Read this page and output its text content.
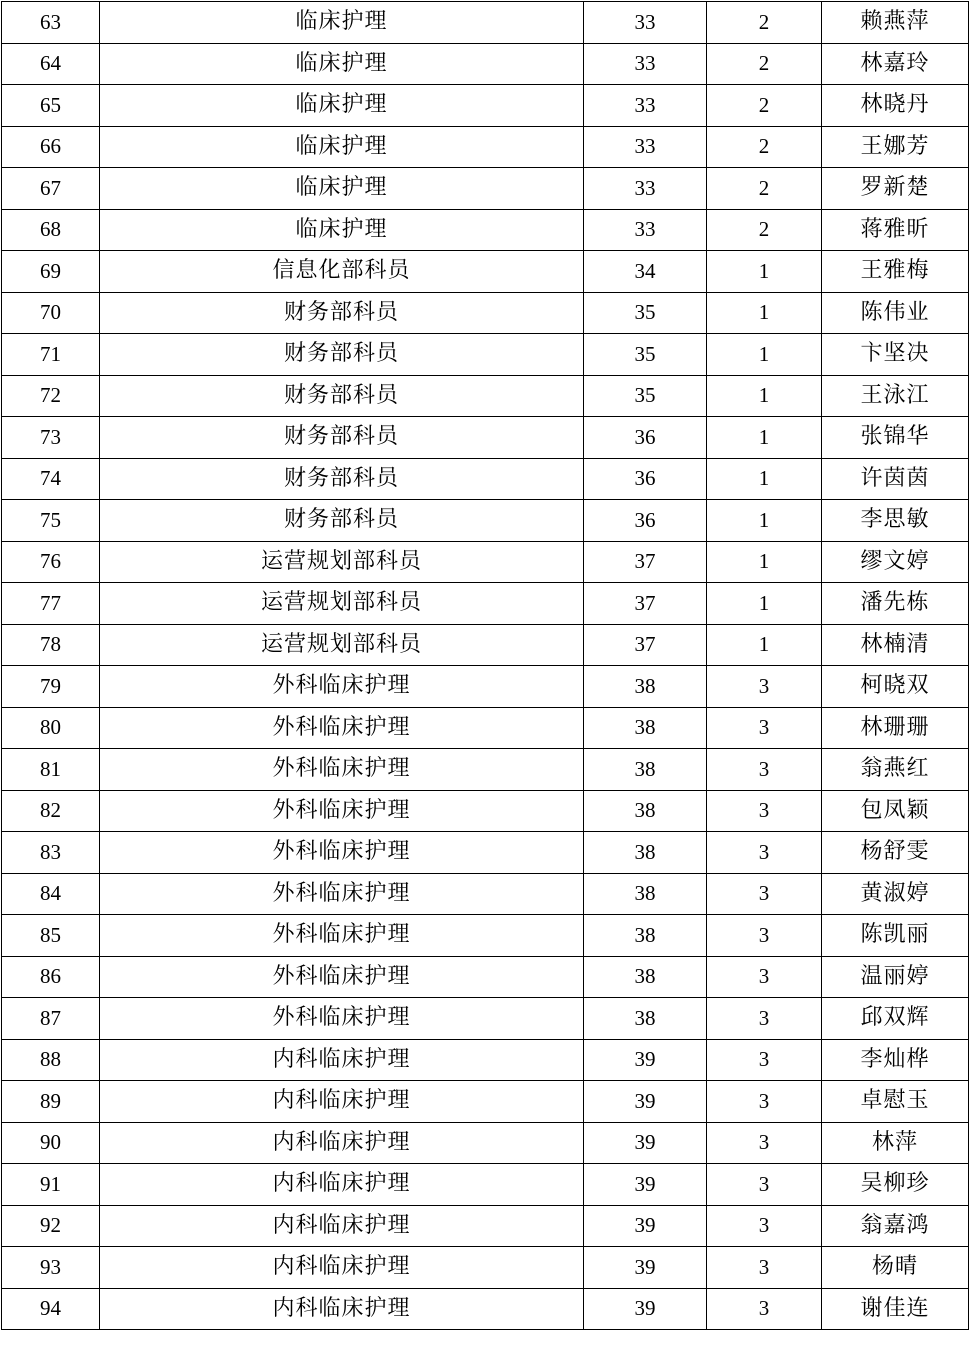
63	临床护理	33	2	赖燕萍
64	临床护理	33	2	林嘉玲
65	临床护理	33	2	林晓丹
66	临床护理	33	2	王娜芳
67	临床护理	33	2	罗新楚
68	临床护理	33	2	蒋雅昕
69	信息化部科员	34	1	王雅梅
70	财务部科员	35	1	陈伟业
71	财务部科员	35	1	卞坚决
72	财务部科员	35	1	王泳江
73	财务部科员	36	1	张锦华
74	财务部科员	36	1	许茵茵
75	财务部科员	36	1	李思敏
76	运营规划部科员	37	1	缪文婷
77	运营规划部科员	37	1	潘先栋
78	运营规划部科员	37	1	林楠清
79	外科临床护理	38	3	柯晓双
80	外科临床护理	38	3	林珊珊
81	外科临床护理	38	3	翁燕红
82	外科临床护理	38	3	包凤颖
83	外科临床护理	38	3	杨舒雯
84	外科临床护理	38	3	黄淑婷
85	外科临床护理	38	3	陈凯丽
86	外科临床护理	38	3	温丽婷
87	外科临床护理	38	3	邱双辉
88	内科临床护理	39	3	李灿桦
89	内科临床护理	39	3	卓慰玉
90	内科临床护理	39	3	林萍
91	内科临床护理	39	3	吴柳珍
92	内科临床护理	39	3	翁嘉鸿
93	内科临床护理	39	3	杨晴
94	内科临床护理	39	3	谢佳连
